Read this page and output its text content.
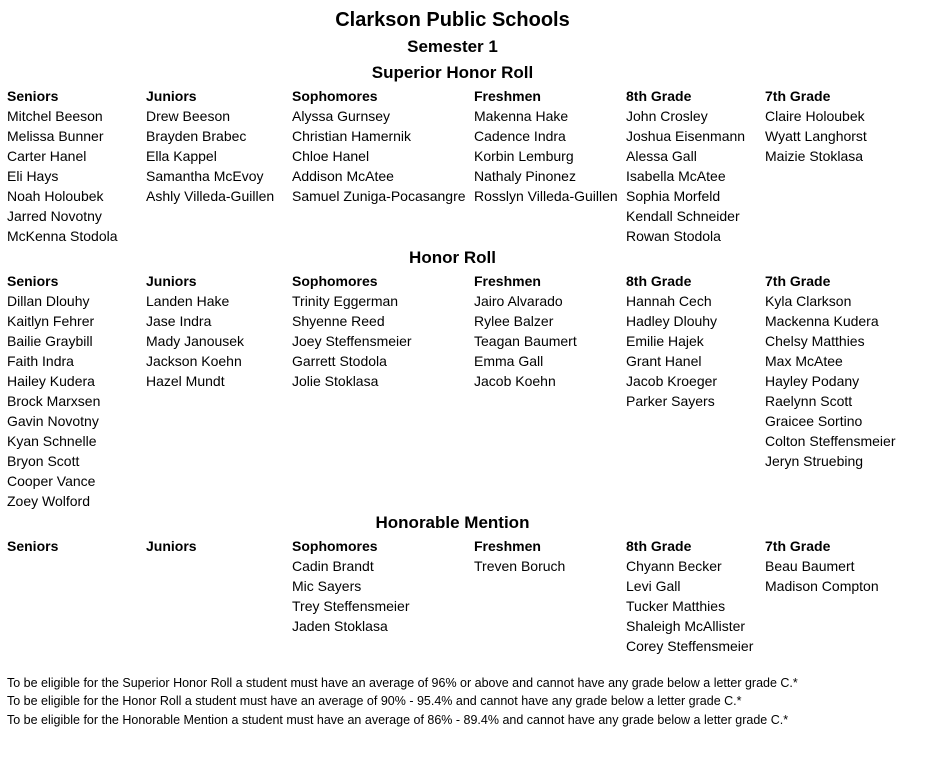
Clarkson Public Schools
Semester 1
Superior Honor Roll
Seniors
Mitchel Beeson
Melissa Bunner
Carter Hanel
Eli Hays
Noah Holoubek
Jarred Novotny
McKenna Stodola
Juniors
Drew Beeson
Brayden Brabec
Ella Kappel
Samantha McEvoy
Ashly Villeda-Guillen
Sophomores
Alyssa Gurnsey
Christian Hamernik
Chloe Hanel
Addison McAtee
Samuel Zuniga-Pocasangre
Freshmen
Makenna Hake
Cadence Indra
Korbin Lemburg
Nathaly Pinonez
Rosslyn Villeda-Guillen
8th Grade
John Crosley
Joshua Eisenmann
Alessa Gall
Isabella McAtee
Sophia Morfeld
Kendall Schneider
Rowan Stodola
7th Grade
Claire Holoubek
Wyatt Langhorst
Maizie Stoklasa
Honor Roll
Seniors
Dillan Dlouhy
Kaitlyn Fehrer
Bailie Graybill
Faith Indra
Hailey Kudera
Brock Marxsen
Gavin Novotny
Kyan Schnelle
Bryon Scott
Cooper Vance
Zoey Wolford
Juniors
Landen Hake
Jase Indra
Mady Janousek
Jackson Koehn
Hazel Mundt
Sophomores
Trinity Eggerman
Shyenne Reed
Joey Steffensmeier
Garrett Stodola
Jolie Stoklasa
Freshmen
Jairo Alvarado
Rylee Balzer
Teagan Baumert
Emma Gall
Jacob Koehn
8th Grade
Hannah Cech
Hadley Dlouhy
Emilie Hajek
Grant Hanel
Jacob Kroeger
Parker Sayers
7th Grade
Kyla Clarkson
Mackenna Kudera
Chelsy Matthies
Max McAtee
Hayley Podany
Raelynn Scott
Graicee Sortino
Colton Steffensmeier
Jeryn Struebing
Honorable Mention
Seniors	Juniors	Sophomores
Cadin Brandt
Mic Sayers
Trey Steffensmeier
Jaden Stoklasa
Freshmen
Treven Boruch
8th Grade
Chyann Becker
Levi Gall
Tucker Matthies
Shaleigh McAllister
Corey Steffensmeier
7th Grade
Beau Baumert
Madison Compton
To be eligible for the Superior Honor Roll a student must have an average of 96% or above and cannot have any grade below a letter grade C.*
To be eligible for the Honor Roll a student must have an average of 90% - 95.4% and cannot have any grade below a letter grade C.*
To be eligible for the Honorable Mention a student must have an average of 86% - 89.4% and cannot have any grade below a letter grade C.*
